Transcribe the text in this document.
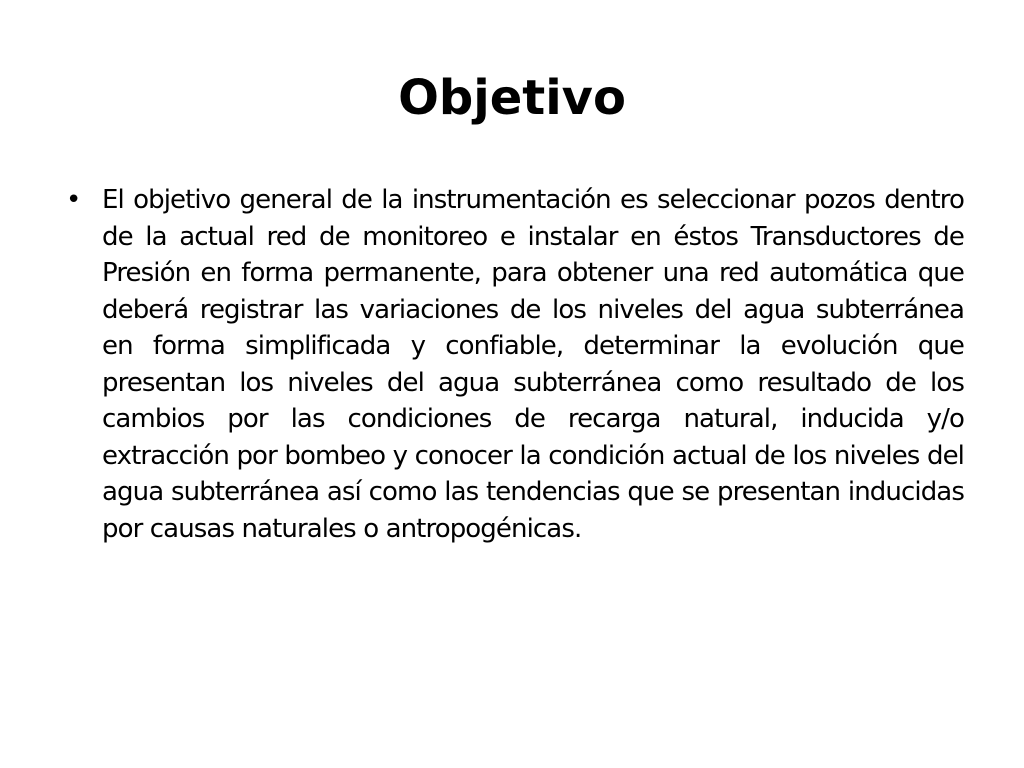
Objetivo
• El objetivo general de la instrumentación es seleccionar pozos dentro de la actual red de monitoreo e instalar en éstos Transductores de Presión en forma permanente, para obtener una red automática que deberá registrar las variaciones de los niveles del agua subterránea en forma simplificada y confiable, determinar la evolución que presentan los niveles del agua subterránea como resultado de los cambios por las condiciones de recarga natural, inducida y/o extracción por bombeo y conocer la condición actual de los niveles del agua subterránea así como las tendencias que se presentan inducidas por causas naturales o antropogénicas.
